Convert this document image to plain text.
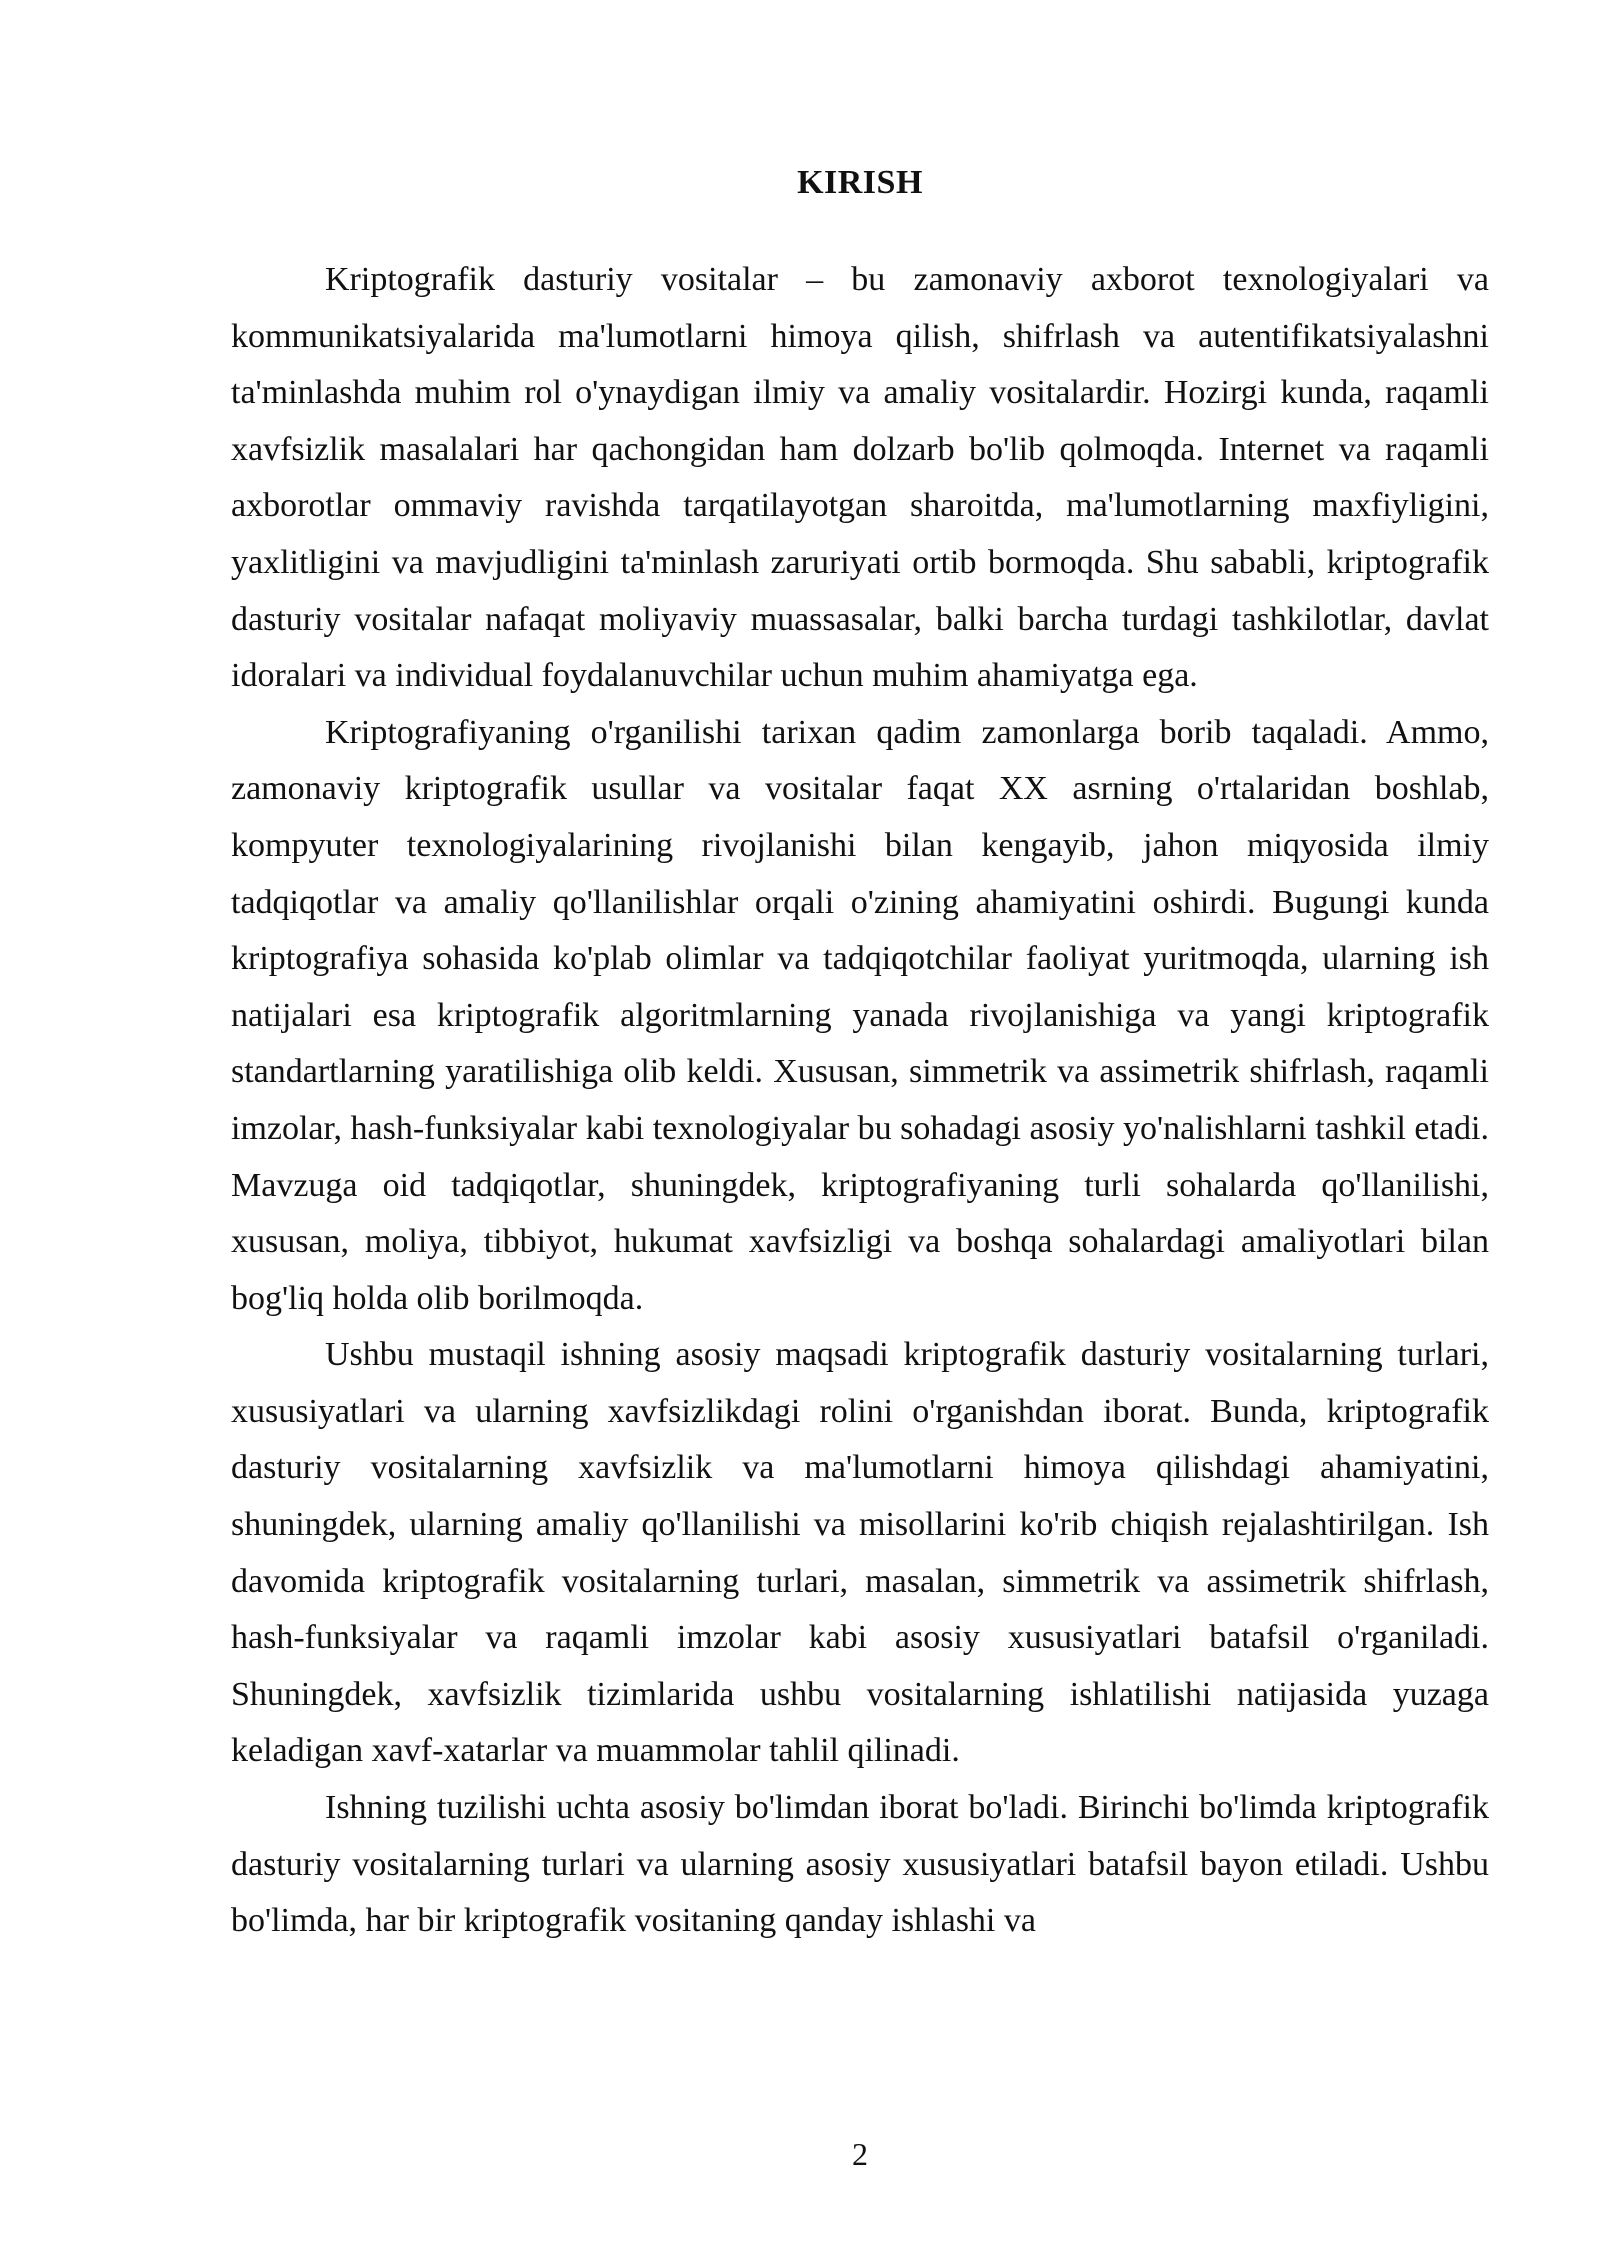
KIRISH

Kriptografik dasturiy vositalar – bu zamonaviy axborot texnologiyalari va kommunikatsiyalarida ma'lumotlarni himoya qilish, shifrlash va autentifikatsiyalashni ta'minlashda muhim rol o'ynaydigan ilmiy va amaliy vositalardir. Hozirgi kunda, raqamli xavfsizlik masalalari har qachongidan ham dolzarb bo'lib qolmoqda. Internet va raqamli axborotlar ommaviy ravishda tarqatilayotgan sharoitda, ma'lumotlarning maxfiyligini, yaxlitligini va mavjudligini ta'minlash zaruriyati ortib bormoqda. Shu sababli, kriptografik dasturiy vositalar nafaqat moliyaviy muassasalar, balki barcha turdagi tashkilotlar, davlat idoralari va individual foydalanuvchilar uchun muhim ahamiyatga ega.

Kriptografiyaning o'rganilishi tarixan qadim zamonlarga borib taqaladi. Ammo, zamonaviy kriptografik usullar va vositalar faqat XX asrning o'rtalaridan boshlab, kompyuter texnologiyalarining rivojlanishi bilan kengayib, jahon miqyosida ilmiy tadqiqotlar va amaliy qo'llanilishlar orqali o'zining ahamiyatini oshirdi. Bugungi kunda kriptografiya sohasida ko'plab olimlar va tadqiqotchilar faoliyat yuritmoqda, ularning ish natijalari esa kriptografik algoritmlarning yanada rivojlanishiga va yangi kriptografik standartlarning yaratilishiga olib keldi. Xususan, simmetrik va assimetrik shifrlash, raqamli imzolar, hash-funksiyalar kabi texnologiyalar bu sohadagi asosiy yo'nalishlarni tashkil etadi. Mavzuga oid tadqiqotlar, shuningdek, kriptografiyaning turli sohalarda qo'llanilishi, xususan, moliya, tibbiyot, hukumat xavfsizligi va boshqa sohalardagi amaliyotlari bilan bog'liq holda olib borilmoqda.

Ushbu mustaqil ishning asosiy maqsadi kriptografik dasturiy vositalarning turlari, xususiyatlari va ularning xavfsizlikdagi rolini o'rganishdan iborat. Bunda, kriptografik dasturiy vositalarning xavfsizlik va ma'lumotlarni himoya qilishdagi ahamiyatini, shuningdek, ularning amaliy qo'llanilishi va misollarini ko'rib chiqish rejalashtirilgan. Ish davomida kriptografik vositalarning turlari, masalan, simmetrik va assimetrik shifrlash, hash-funksiyalar va raqamli imzolar kabi asosiy xususiyatlari batafsil o'rganiladi. Shuningdek, xavfsizlik tizimlarida ushbu vositalarning ishlatilishi natijasida yuzaga keladigan xavf-xatarlar va muammolar tahlil qilinadi.

Ishning tuzilishi uchta asosiy bo'limdan iborat bo'ladi. Birinchi bo'limda kriptografik dasturiy vositalarning turlari va ularning asosiy xususiyatlari batafsil bayon etiladi. Ushbu bo'limda, har bir kriptografik vositaning qanday ishlashi va

2
